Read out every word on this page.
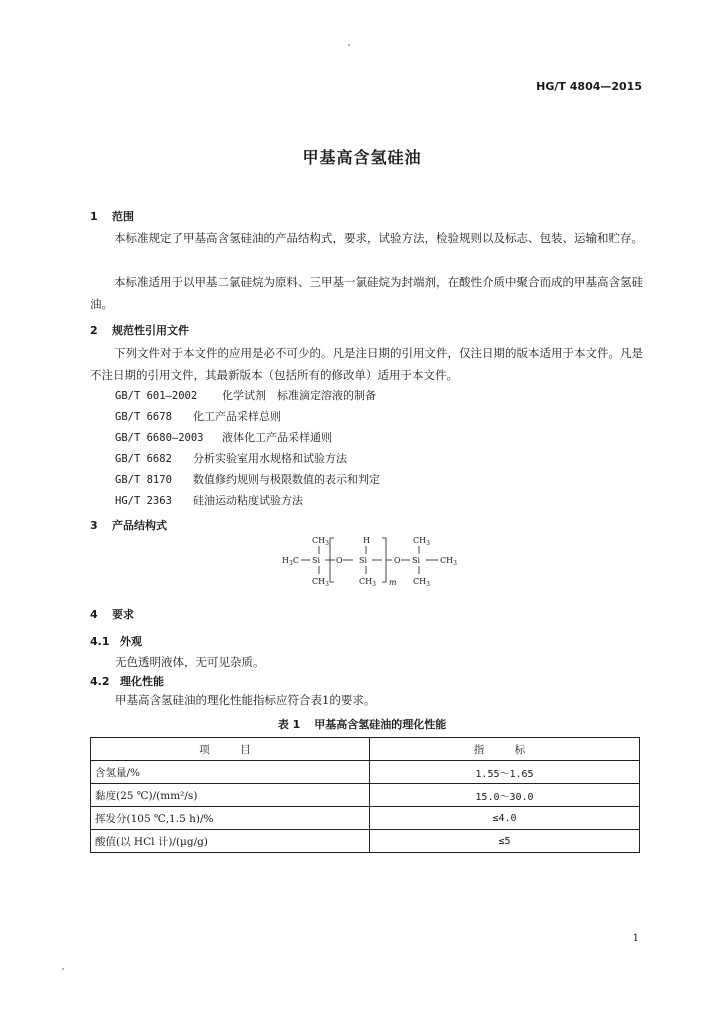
HG/T 4804—2015
甲基高含氢硅油
1 范围
本标准规定了甲基高含氢硅油的产品结构式，要求，试验方法，检验规则以及标志、包装、运输和贮存。
本标准适用于以甲基二氯硅烷为原料、三甲基一氯硅烷为封端剂，在酸性介质中聚合而成的甲基高含氢硅油。
2 规范性引用文件
下列文件对于本文件的应用是必不可少的。凡是注日期的引用文件，仅注日期的版本适用于本文件。凡是不注日期的引用文件，其最新版本（包括所有的修改单）适用于本文件。
GB/T 601—2002 化学试剂　标准滴定溶液的制备
GB/T 6678 化工产品采样总则
GB/T 6680—2003 液体化工产品采样通则
GB/T 6682 分析实验室用水规格和试验方法
GB/T 8170 数值修约规则与极限数值的表示和判定
HG/T 2363 硅油运动粘度试验方法
3 产品结构式
$CH_3$
$H_3C$ Si
$CH_3$
O
H
Si
$CH_3$ m
O
$CH_3$
Si $CH_3$
$CH_3$
4 要求
4.1 外观
无色透明液体，无可见杂质。
4.2 理化性能
甲基高含氢硅油的理化性能指标应符合表1的要求。
表 1 甲基高含氢硅油的理化性能
项　目	指　标
含氢量/%	1.55～1.65
黏度(25 ℃)/(mm²/s)	15.0～30.0
挥发分(105 ℃,1.5 h)/%	≤4.0
酸值(以 HCl 计)/(μg/g)	≤5
1
